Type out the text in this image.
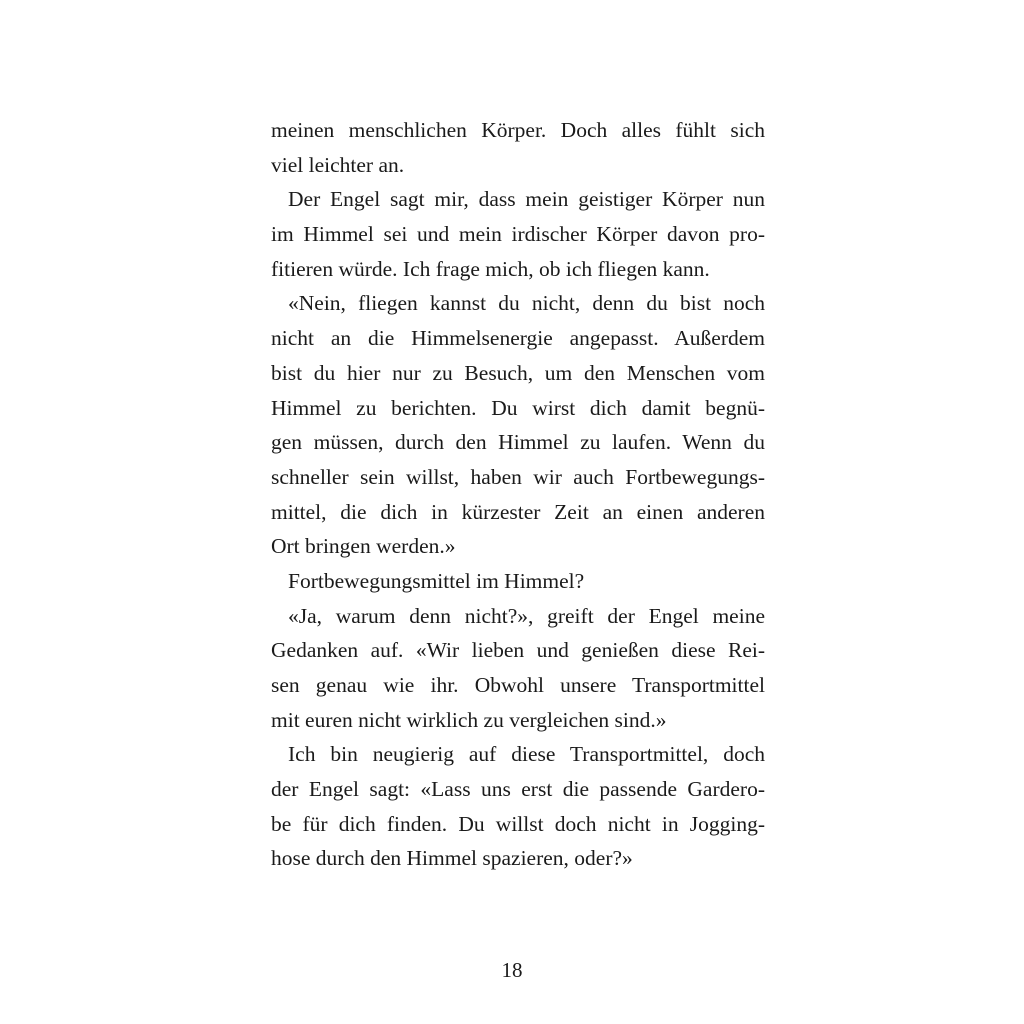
meinen menschlichen Körper. Doch alles fühlt sich
viel leichter an.
Der Engel sagt mir, dass mein geistiger Körper nun
im Himmel sei und mein irdischer Körper davon pro-
fitieren würde. Ich frage mich, ob ich fliegen kann.
«Nein, fliegen kannst du nicht, denn du bist noch
nicht an die Himmelsenergie angepasst. Außerdem
bist du hier nur zu Besuch, um den Menschen vom
Himmel zu berichten. Du wirst dich damit begnü-
gen müssen, durch den Himmel zu laufen. Wenn du
schneller sein willst, haben wir auch Fortbewegungs-
mittel, die dich in kürzester Zeit an einen anderen
Ort bringen werden.»
Fortbewegungsmittel im Himmel?
«Ja, warum denn nicht?», greift der Engel meine
Gedanken auf. «Wir lieben und genießen diese Rei-
sen genau wie ihr. Obwohl unsere Transportmittel
mit euren nicht wirklich zu vergleichen sind.»
Ich bin neugierig auf diese Transportmittel, doch
der Engel sagt: «Lass uns erst die passende Gardero-
be für dich finden. Du willst doch nicht in Jogging-
hose durch den Himmel spazieren, oder?»
18
